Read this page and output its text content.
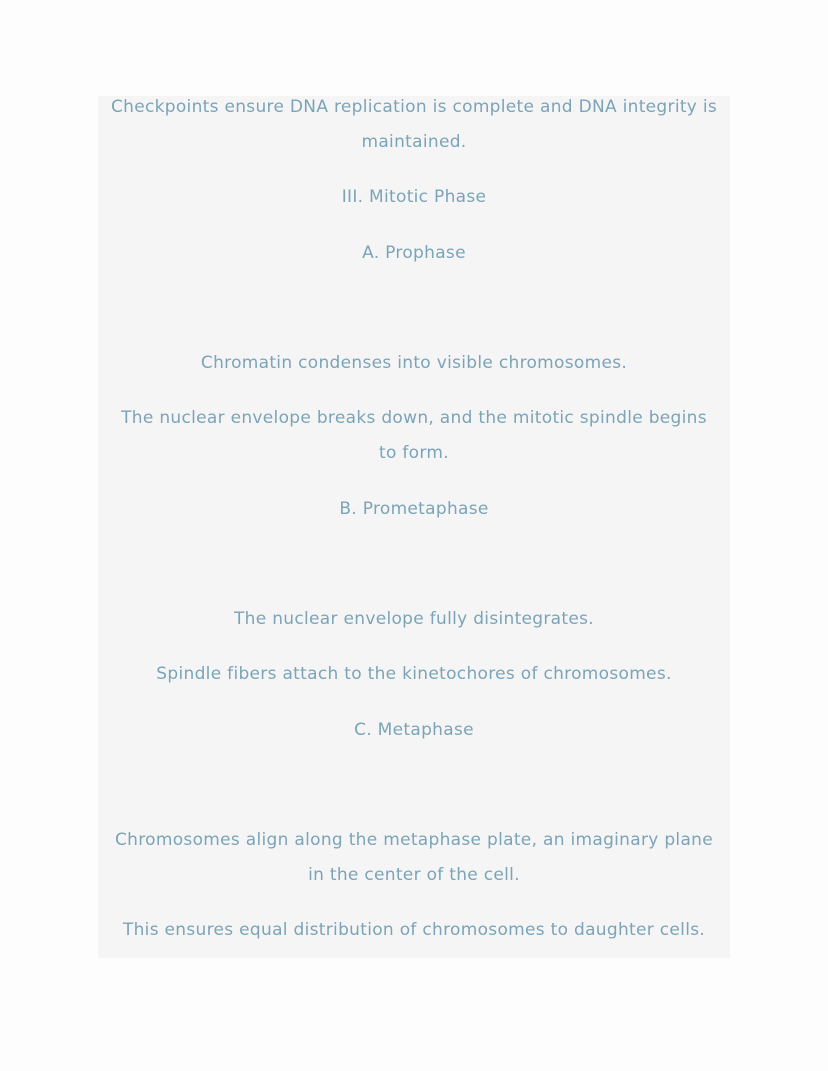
Checkpoints ensure DNA replication is complete and DNA integrity is
maintained.
III. Mitotic Phase
A. Prophase
Chromatin condenses into visible chromosomes.
The nuclear envelope breaks down, and the mitotic spindle begins
to form.
B. Prometaphase
The nuclear envelope fully disintegrates.
Spindle fibers attach to the kinetochores of chromosomes.
C. Metaphase
Chromosomes align along the metaphase plate, an imaginary plane
in the center of the cell.
This ensures equal distribution of chromosomes to daughter cells.
